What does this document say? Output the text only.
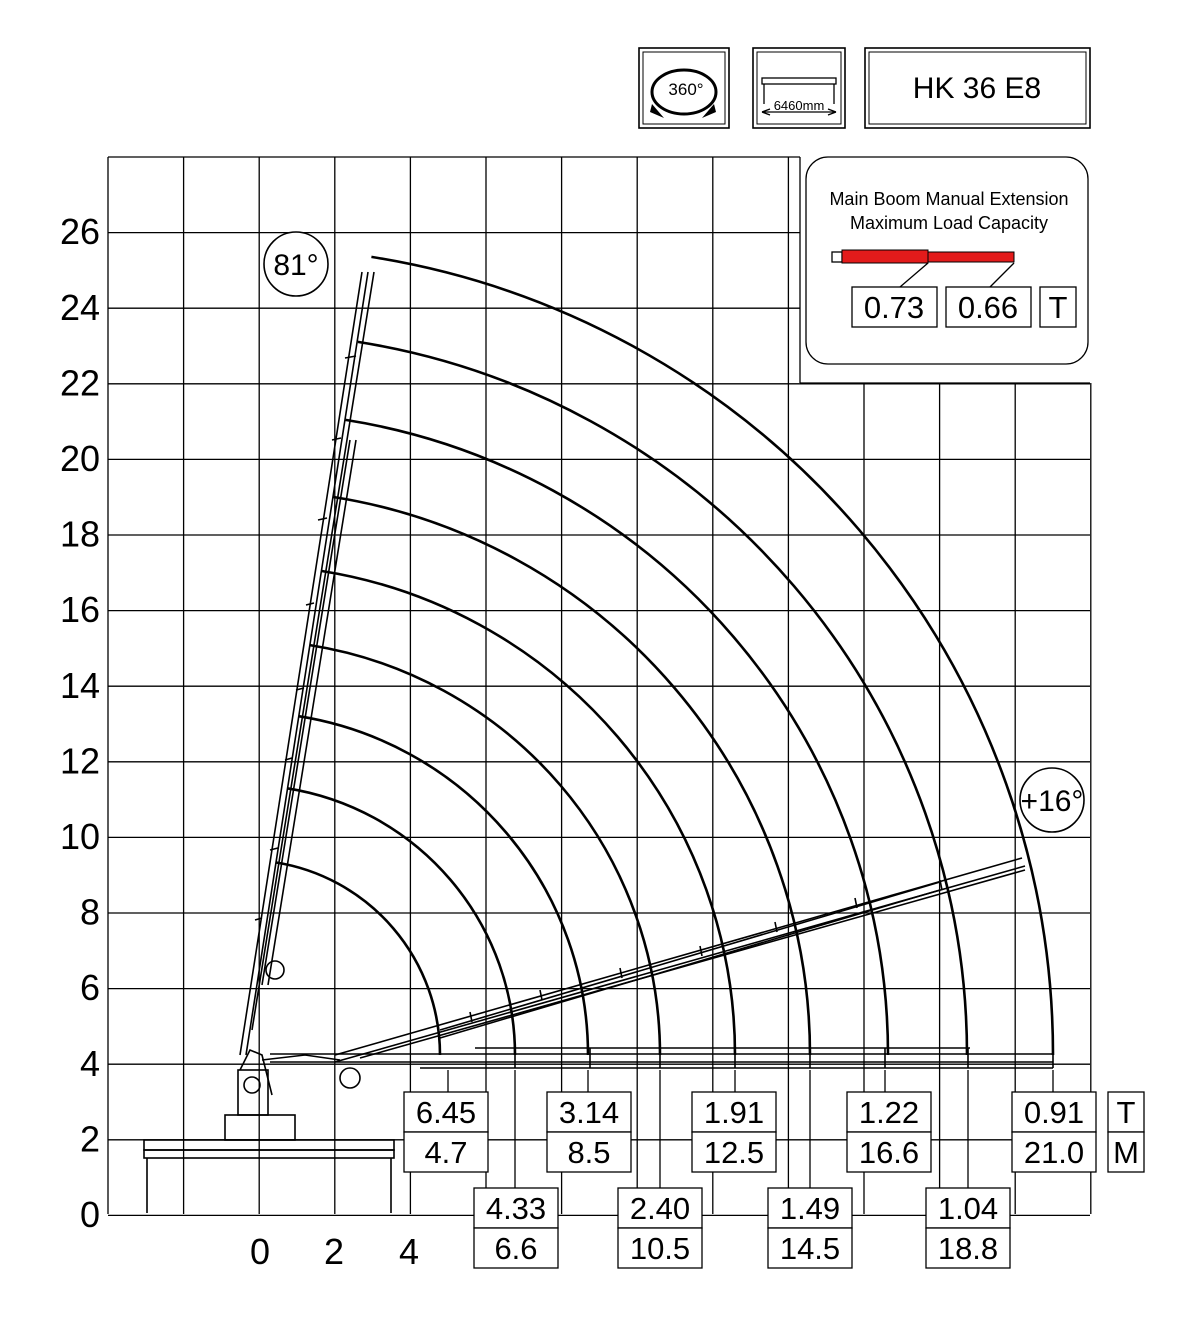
0
2
4
6
8
10
12
14
16
18
20
22
24
26
0 2 4
6.45
4.7
3.14
8.5
1.91
12.5
1.22
16.6
0.91
21.0
4.33
6.6
2.40
10.5
1.49
14.5
1.04
18.8
T
M
81°
+16°
360°
6460mm
HK 36 E8
Main Boom Manual Extension
Maximum Load Capacity
0.73 0.66 T
